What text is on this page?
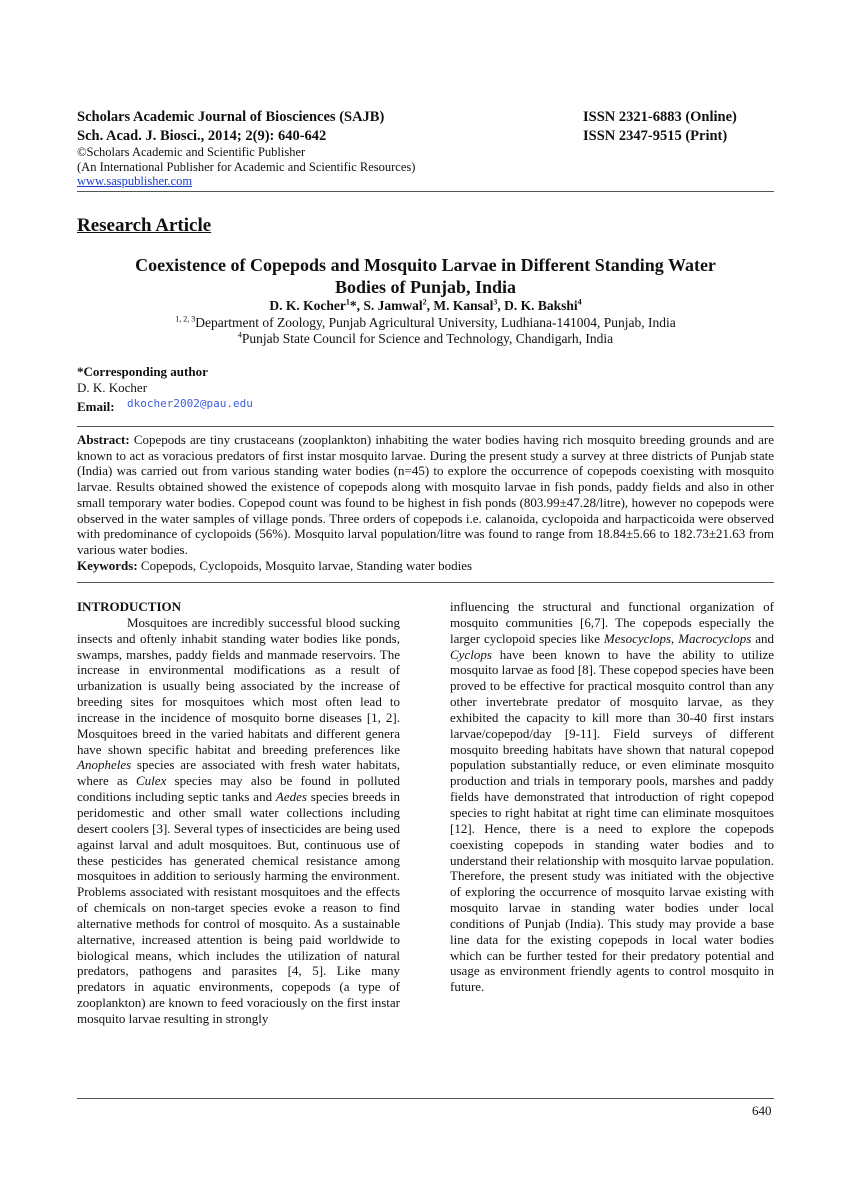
Scholars Academic Journal of Biosciences (SAJB)	ISSN 2321-6883 (Online)
Sch. Acad. J. Biosci., 2014; 2(9): 640-642	ISSN 2347-9515 (Print)
©Scholars Academic and Scientific Publisher
(An International Publisher for Academic and Scientific Resources)
www.saspublisher.com
Research Article
Coexistence of Copepods and Mosquito Larvae in Different Standing Water
Bodies of Punjab, India
D. K. Kocher$^1$*, S. Jamwal$^2$, M. Kansal$^3$, D. K. Bakshi$^4$
$^{1, 2, 3}$Department of Zoology, Punjab Agricultural University, Ludhiana-141004, Punjab, India
$^4$Punjab State Council for Science and Technology, Chandigarh, India
*Corresponding author
D. K. Kocher
Email: dkocher2002@pau.edu
Abstract: Copepods are tiny crustaceans (zooplankton) inhabiting the water bodies having rich mosquito breeding grounds and are known to act as voracious predators of first instar mosquito larvae. During the present study a survey at three districts of Punjab state (India) was carried out from various standing water bodies (n=45) to explore the occurrence of copepods coexisting with mosquito larvae. Results obtained showed the existence of copepods along with mosquito larvae in fish ponds, paddy fields and also in other small temporary water bodies. Copepod count was found to be highest in fish ponds (803.99±47.28/litre), however no copepods were observed in the water samples of village ponds. Three orders of copepods i.e. calanoida, cyclopoida and harpacticoida were observed with predominance of cyclopoids (56%). Mosquito larval population/litre was found to range from 18.84±5.66 to 182.73±21.63 from various water bodies.
Keywords: Copepods, Cyclopoids, Mosquito larvae, Standing water bodies
INTRODUCTION

Mosquitoes are incredibly successful blood sucking insects and oftenly inhabit standing water bodies like ponds, swamps, marshes, paddy fields and manmade reservoirs. The increase in environmental modifications as a result of urbanization is usually being associated by the increase of breeding sites for mosquitoes which most often lead to increase in the incidence of mosquito borne diseases [1, 2]. Mosquitoes breed in the varied habitats and different genera have shown specific habitat and breeding preferences like Anopheles species are associated with fresh water habitats, where as Culex species may also be found in polluted conditions including septic tanks and Aedes species breeds in peridomestic and other small water collections including desert coolers [3]. Several types of insecticides are being used against larval and adult mosquitoes. But, continuous use of these pesticides has generated chemical resistance among mosquitoes in addition to seriously harming the environment. Problems associated with resistant mosquitoes and the effects of chemicals on non-target species evoke a reason to find alternative methods for control of mosquito. As a sustainable alternative, increased attention is being paid worldwide to biological means, which includes the utilization of natural predators, pathogens and parasites [4, 5]. Like many predators in aquatic environments, copepods (a type of zooplankton) are known to feed voraciously on the first instar mosquito larvae resulting in strongly

influencing the structural and functional organization of mosquito communities [6,7]. The copepods especially the larger cyclopoid species like Mesocyclops, Macrocyclops and Cyclops have been known to have the ability to utilize mosquito larvae as food [8]. These copepod species have been proved to be effective for practical mosquito control than any other invertebrate predator of mosquito larvae, as they exhibited the capacity to kill more than 30-40 first instars larvae/copepod/day [9-11]. Field surveys of different mosquito breeding habitats have shown that natural copepod population substantially reduce, or even eliminate mosquito production and trials in temporary pools, marshes and paddy fields have demonstrated that introduction of right copepod species to right habitat at right time can eliminate mosquitoes [12]. Hence, there is a need to explore the copepods coexisting copepods in standing water bodies and to understand their relationship with mosquito larvae population. Therefore, the present study was initiated with the objective of exploring the occurrence of mosquito larvae existing with mosquito larvae in standing water bodies under local conditions of Punjab (India). This study may provide a base line data for the existing copepods in local water bodies which can be further tested for their predatory potential and usage as environment friendly agents to control mosquito in future.

640
